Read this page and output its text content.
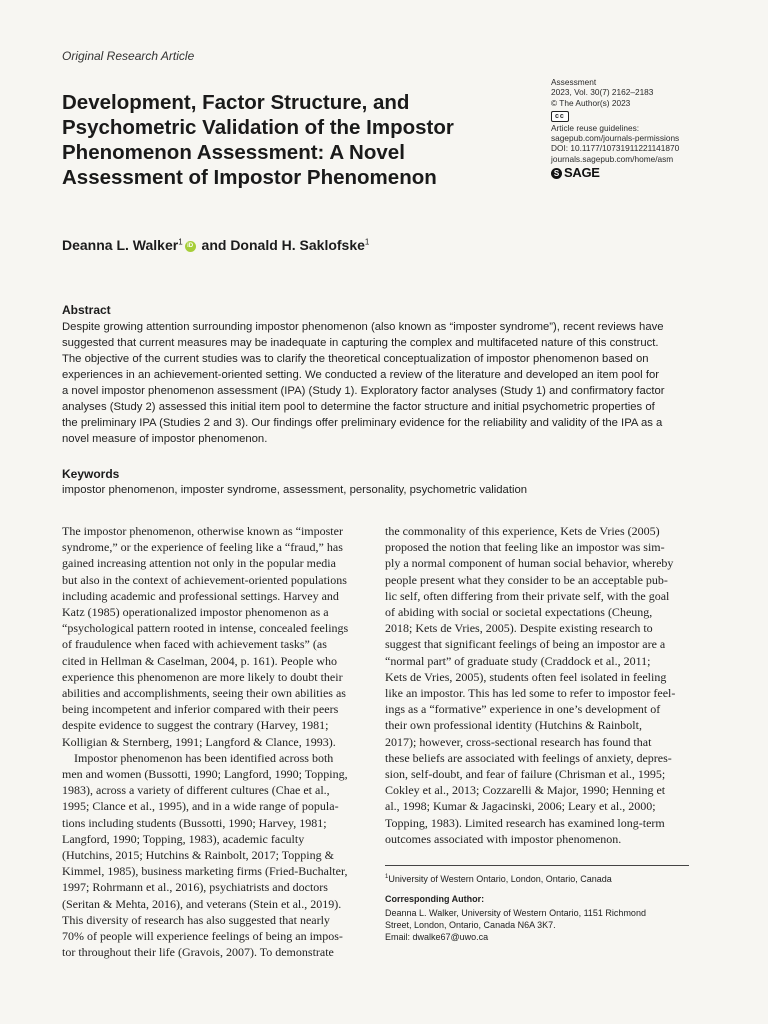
Original Research Article
Development, Factor Structure, and
Psychometric Validation of the Impostor
Phenomenon Assessment: A Novel
Assessment of Impostor Phenomenon
Assessment
2023, Vol. 30(7) 2162–2183
© The Author(s) 2023
cc
Article reuse guidelines:
sagepub.com/journals-permissions
DOI: 10.1177/10731911221141870
journals.sagepub.com/home/asm
S SAGE
Deanna L. Walker$^1$ iD and Donald H. Saklofske$^1$
Abstract
Despite growing attention surrounding impostor phenomenon (also known as “imposter syndrome”), recent reviews have
suggested that current measures may be inadequate in capturing the complex and multifaceted nature of this construct.
The objective of the current studies was to clarify the theoretical conceptualization of impostor phenomenon based on
experiences in an achievement-oriented setting. We conducted a review of the literature and developed an item pool for
a novel impostor phenomenon assessment (IPA) (Study 1). Exploratory factor analyses (Study 1) and confirmatory factor
analyses (Study 2) assessed this initial item pool to determine the factor structure and initial psychometric properties of
the preliminary IPA (Studies 2 and 3). Our findings offer preliminary evidence for the reliability and validity of the IPA as a
novel measure of impostor phenomenon.
Keywords
impostor phenomenon, imposter syndrome, assessment, personality, psychometric validation
The impostor phenomenon, otherwise known as “imposter
syndrome,” or the experience of feeling like a “fraud,” has
gained increasing attention not only in the popular media
but also in the context of achievement-oriented populations
including academic and professional settings. Harvey and
Katz (1985) operationalized impostor phenomenon as a
“psychological pattern rooted in intense, concealed feelings
of fraudulence when faced with achievement tasks” (as
cited in Hellman & Caselman, 2004, p. 161). People who
experience this phenomenon are more likely to doubt their
abilities and accomplishments, seeing their own abilities as
being incompetent and inferior compared with their peers
despite evidence to suggest the contrary (Harvey, 1981;
Kolligian & Sternberg, 1991; Langford & Clance, 1993).
Impostor phenomenon has been identified across both
men and women (Bussotti, 1990; Langford, 1990; Topping,
1983), across a variety of different cultures (Chae et al.,
1995; Clance et al., 1995), and in a wide range of popula-
tions including students (Bussotti, 1990; Harvey, 1981;
Langford, 1990; Topping, 1983), academic faculty
(Hutchins, 2015; Hutchins & Rainbolt, 2017; Topping &
Kimmel, 1985), business marketing firms (Fried-Buchalter,
1997; Rohrmann et al., 2016), psychiatrists and doctors
(Seritan & Mehta, 2016), and veterans (Stein et al., 2019).
This diversity of research has also suggested that nearly
70% of people will experience feelings of being an impos-
tor throughout their life (Gravois, 2007). To demonstrate
the commonality of this experience, Kets de Vries (2005)
proposed the notion that feeling like an impostor was sim-
ply a normal component of human social behavior, whereby
people present what they consider to be an acceptable pub-
lic self, often differing from their private self, with the goal
of abiding with social or societal expectations (Cheung,
2018; Kets de Vries, 2005). Despite existing research to
suggest that significant feelings of being an impostor are a
“normal part” of graduate study (Craddock et al., 2011;
Kets de Vries, 2005), students often feel isolated in feeling
like an impostor. This has led some to refer to impostor feel-
ings as a “formative” experience in one’s development of
their own professional identity (Hutchins & Rainbolt,
2017); however, cross-sectional research has found that
these beliefs are associated with feelings of anxiety, depres-
sion, self-doubt, and fear of failure (Chrisman et al., 1995;
Cokley et al., 2013; Cozzarelli & Major, 1990; Henning et
al., 1998; Kumar & Jagacinski, 2006; Leary et al., 2000;
Topping, 1983). Limited research has examined long-term
outcomes associated with impostor phenomenon.
$^1$University of Western Ontario, London, Ontario, Canada
Corresponding Author:
Deanna L. Walker, University of Western Ontario, 1151 Richmond
Street, London, Ontario, Canada N6A 3K7.
Email: dwalke67@uwo.ca
